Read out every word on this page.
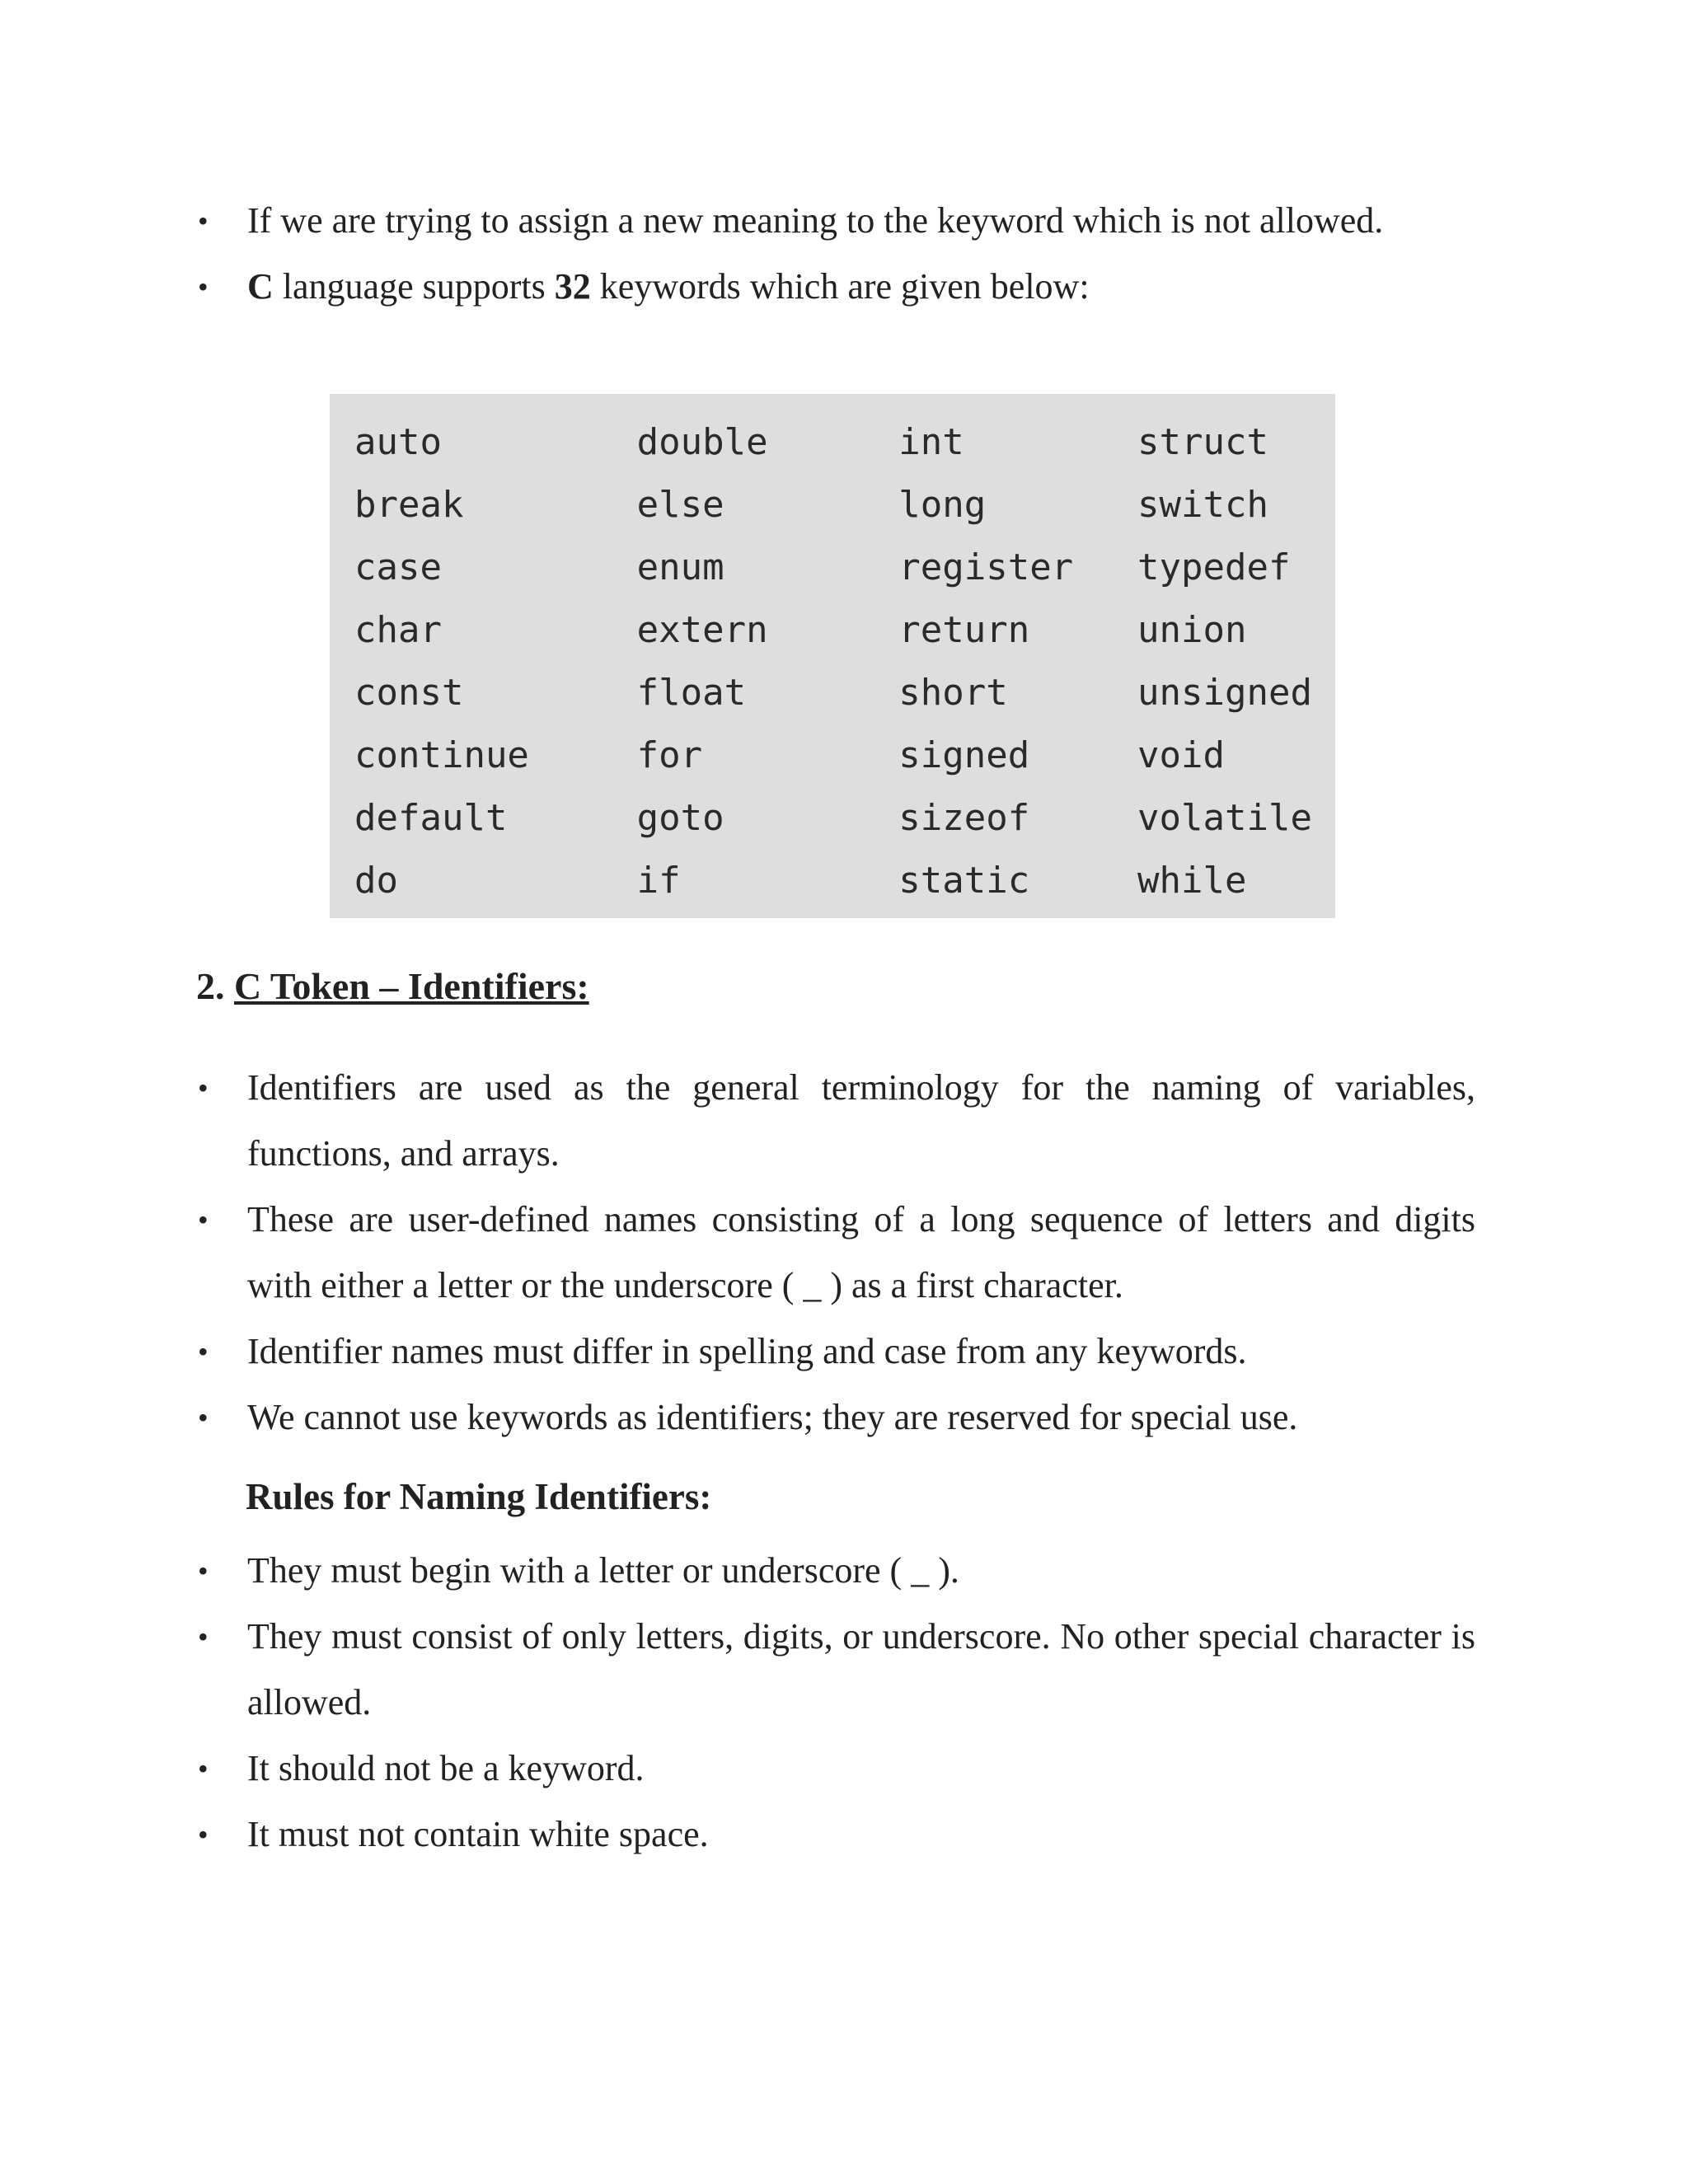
• If we are trying to assign a new meaning to the keyword which is not allowed.
• C language supports 32 keywords which are given below:
auto	double	int	struct
break	else	long	switch
case	enum	register	typedef
char	extern	return	union
const	float	short	unsigned
continue	for	signed	void
default	goto	sizeof	volatile
do	if	static	while
2. C Token – Identifiers:
• Identifiers are used as the general terminology for the naming of variables, functions, and arrays.
• These are user-defined names consisting of a long sequence of letters and digits with either a letter or the underscore ( _ ) as a first character.
• Identifier names must differ in spelling and case from any keywords.
• We cannot use keywords as identifiers; they are reserved for special use.
Rules for Naming Identifiers:
• They must begin with a letter or underscore ( _ ).
• They must consist of only letters, digits, or underscore. No other special character is allowed.
• It should not be a keyword.
• It must not contain white space.
